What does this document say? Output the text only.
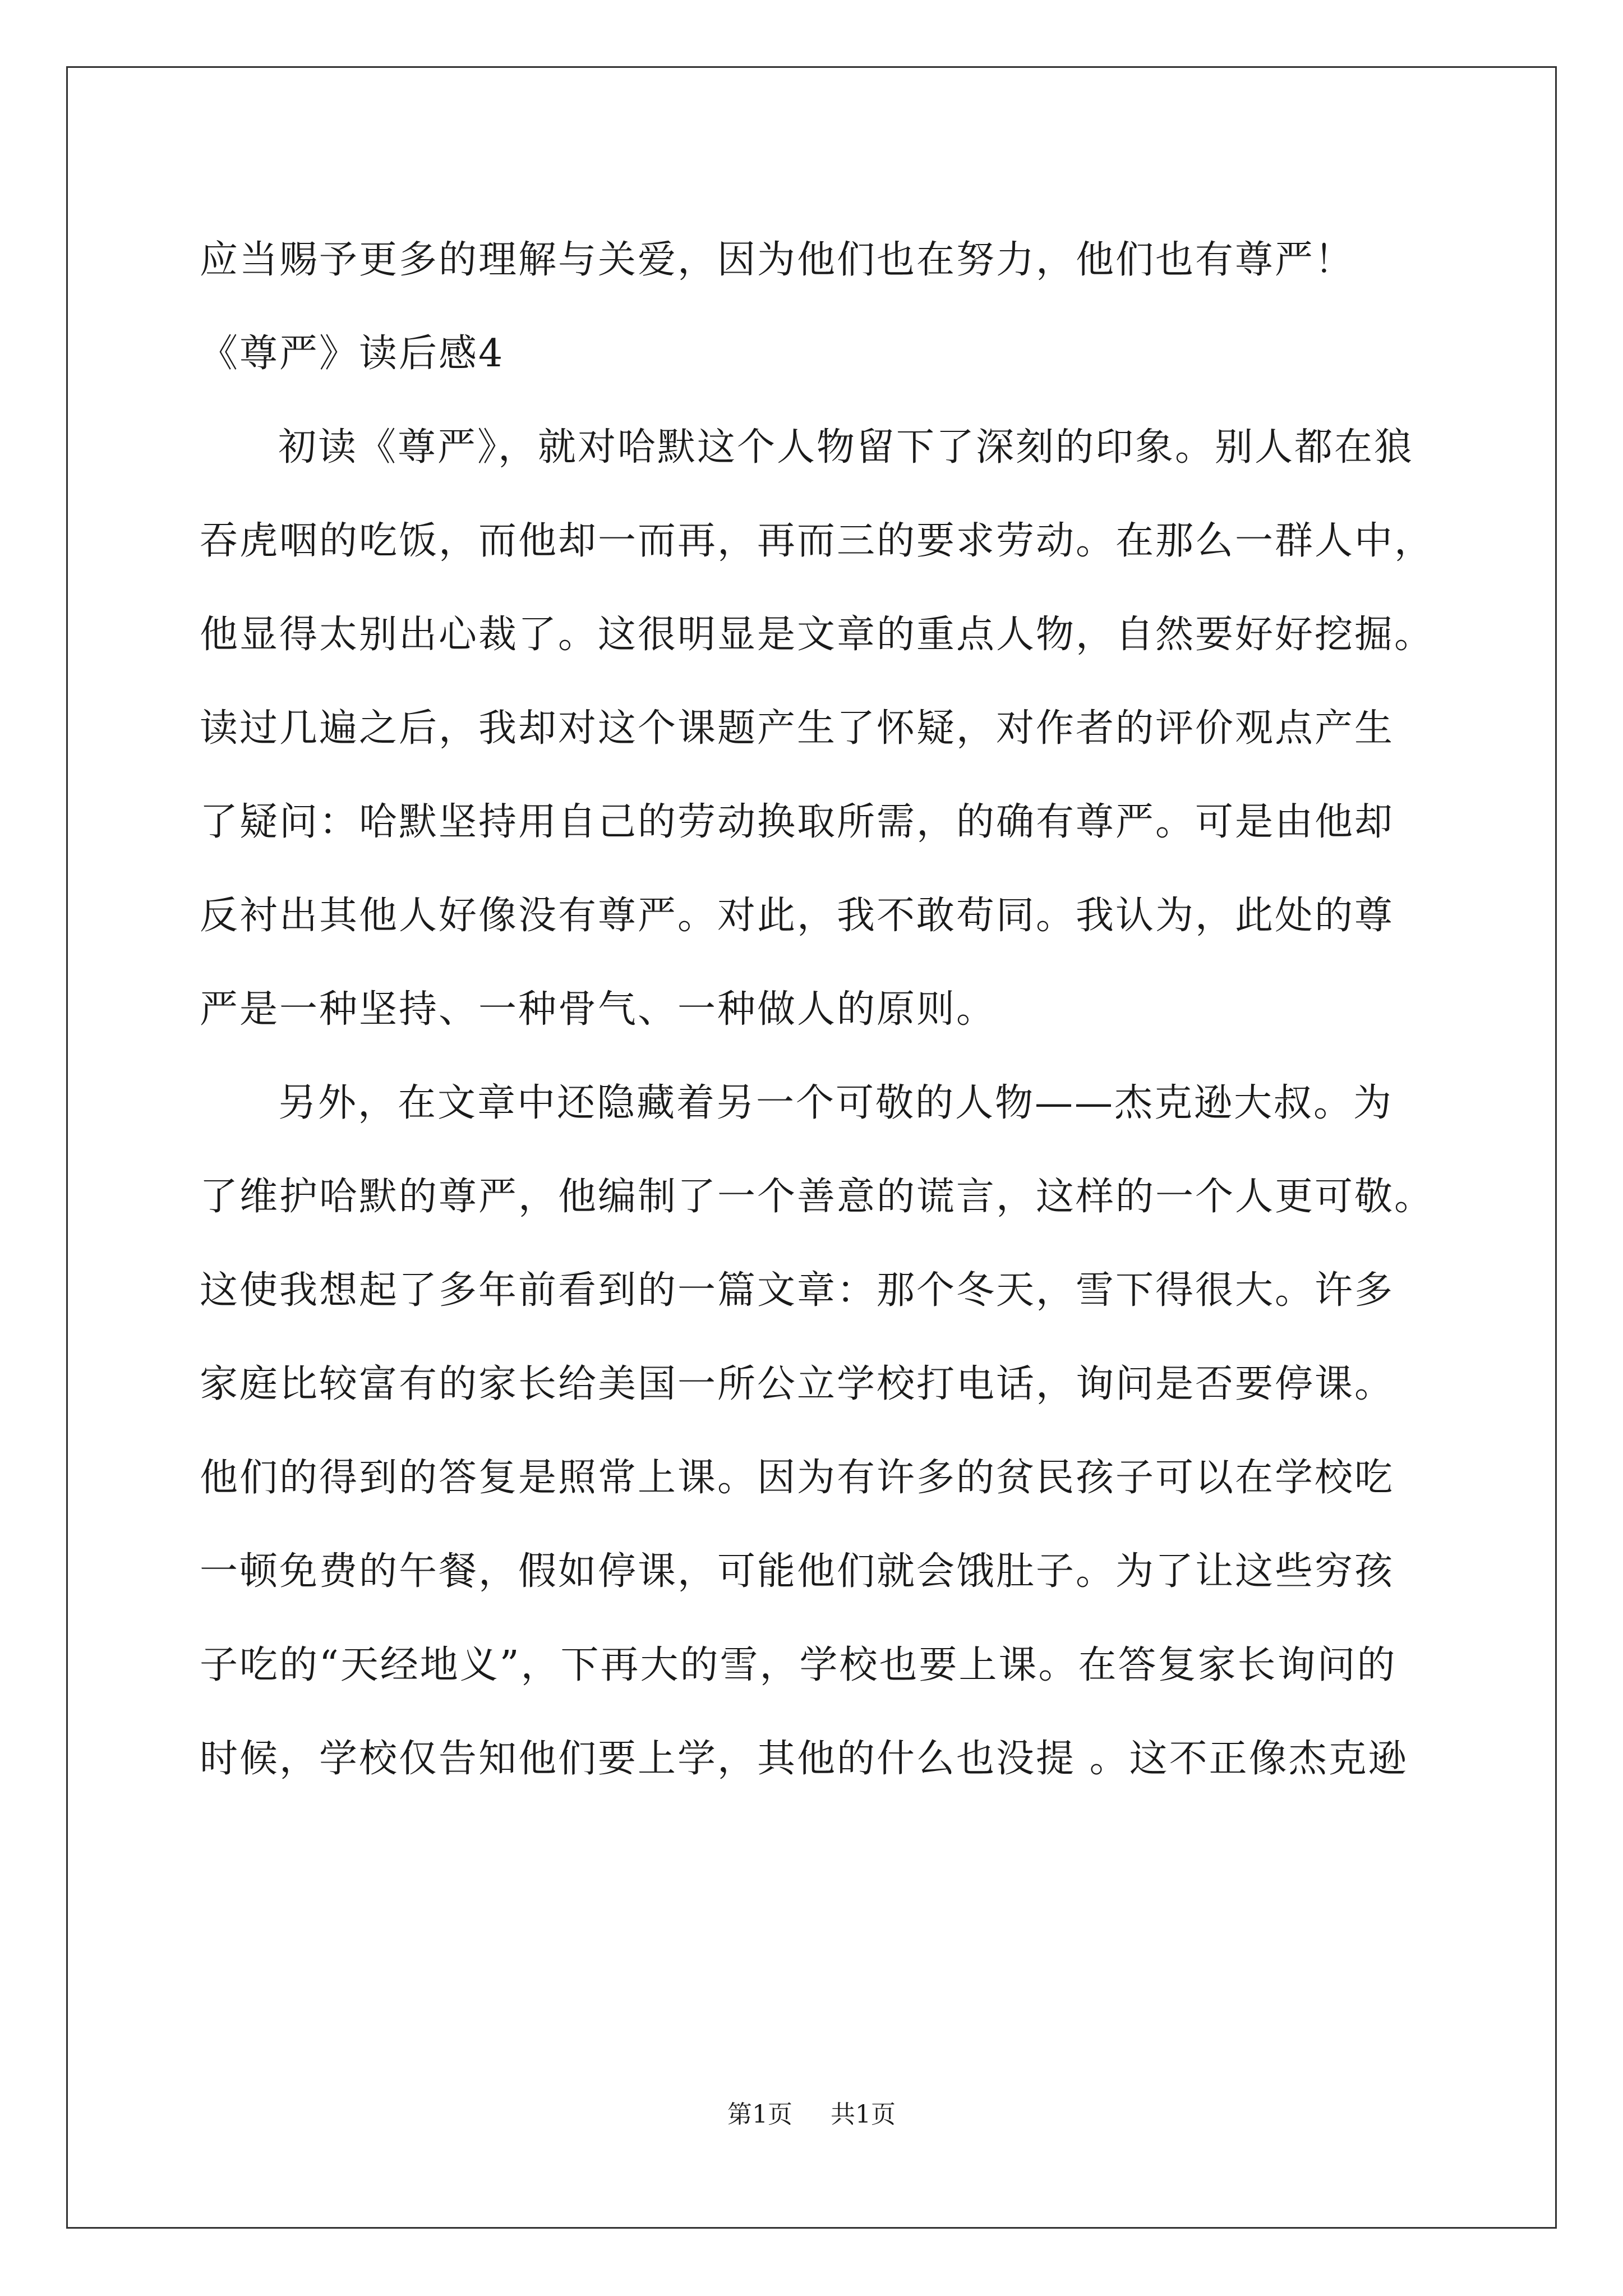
应当赐予更多的理解与关爱，因为他们也在努力，他们也有尊严！
《尊严》读后感4
初读《尊严》，就对哈默这个人物留下了深刻的印象。别人都在狼
吞虎咽的吃饭，而他却一而再，再而三的要求劳动。在那么一群人中，
他显得太别出心裁了。这很明显是文章的重点人物，自然要好好挖掘。
读过几遍之后，我却对这个课题产生了怀疑，对作者的评价观点产生
了疑问：哈默坚持用自己的劳动换取所需，的确有尊严。可是由他却
反衬出其他人好像没有尊严。对此，我不敢苟同。我认为，此处的尊
严是一种坚持、一种骨气、一种做人的原则。
另外，在文章中还隐藏着另一个可敬的人物——杰克逊大叔。为
了维护哈默的尊严，他编制了一个善意的谎言，这样的一个人更可敬。
这使我想起了多年前看到的一篇文章：那个冬天，雪下得很大。许多
家庭比较富有的家长给美国一所公立学校打电话，询问是否要停课。
他们的得到的答复是照常上课。因为有许多的贫民孩子可以在学校吃
一顿免费的午餐，假如停课，可能他们就会饿肚子。为了让这些穷孩
子吃的“天经地义”，下再大的雪，学校也要上课。在答复家长询问的
时候，学校仅告知他们要上学，其他的什么也没提 。这不正像杰克逊
第1页 共1页
